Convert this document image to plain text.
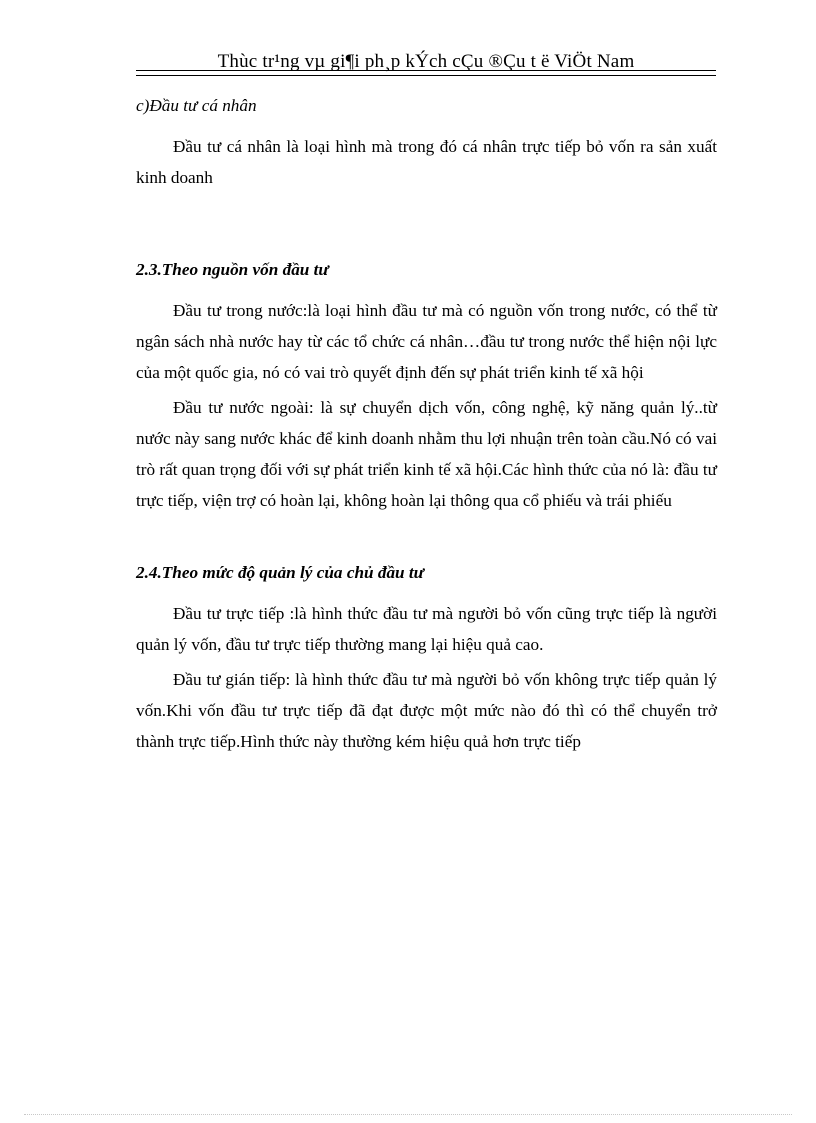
Thùc tr¹ng vµ gi¶i ph¸p kÝch cÇu ®Çu t ë ViÖt Nam
c)Đầu tư cá nhân

Đầu tư cá nhân là loại hình mà trong đó cá nhân trực tiếp bỏ vốn ra sản xuất kinh doanh

2.3.Theo nguồn vốn đầu tư

Đầu tư trong nước:là loại hình đầu tư mà có nguồn vốn trong nước, có thể từ ngân sách nhà nước hay từ các tổ chức cá nhân…đầu tư trong nước thể hiện nội lực của một quốc gia, nó có vai trò quyết định đến sự phát triển kinh tế xã hội

Đầu tư nước ngoài: là sự chuyển dịch vốn, công nghệ, kỹ năng quản lý..từ nước này sang nước khác để kinh doanh nhằm thu lợi nhuận trên toàn cầu.Nó có vai trò rất quan trọng đối với sự phát triển kinh tế xã hội.Các hình thức của nó là: đầu tư trực tiếp, viện trợ có hoàn lại, không hoàn lại thông qua cổ phiếu và trái phiếu

2.4.Theo mức độ quản lý của chủ đầu tư

Đầu tư trực tiếp :là hình thức đầu tư mà người bỏ vốn cũng trực tiếp là người quản lý vốn, đầu tư trực tiếp thường mang lại hiệu quả cao.

Đầu tư gián tiếp: là hình thức đầu tư mà người bỏ vốn không trực tiếp quản lý vốn.Khi vốn đầu tư trực tiếp đã đạt được một mức nào đó thì có thể chuyển trở thành trực tiếp.Hình thức này thường kém hiệu quả hơn trực tiếp
